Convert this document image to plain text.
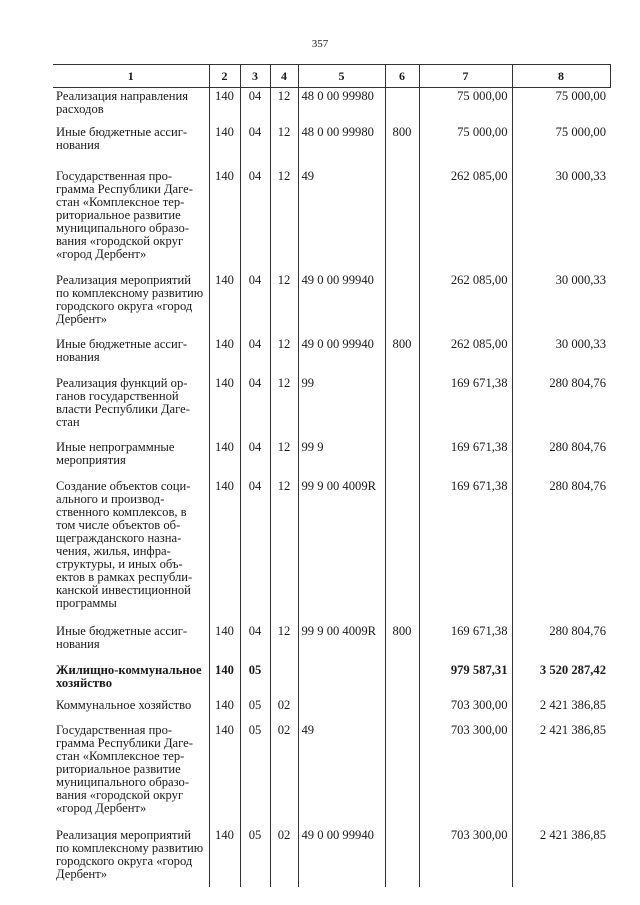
357
1	2	3	4	5	6	7	8
Реализация направления расходов	140	04	12	48 0 00 99980		75 000,00	75 000,00
Иные бюджетные ассигнования	140	04	12	48 0 00 99980	800	75 000,00	75 000,00
Государственная программа Республики Дагестан «Комплексное территориальное развитие муниципального образования «городской округ «город Дербент»	140	04	12	49		262 085,00	30 000,33
Реализация мероприятий по комплексному развитию городского округа «город Дербент»	140	04	12	49 0 00 99940		262 085,00	30 000,33
Иные бюджетные ассигнования	140	04	12	49 0 00 99940	800	262 085,00	30 000,33
Реализация функций органов государственной власти Республики Дагестан	140	04	12	99		169 671,38	280 804,76
Иные непрограммные мероприятия	140	04	12	99 9		169 671,38	280 804,76
Создание объектов социального и производственного комплексов, в том числе объектов общегражданского назначения, жилья, инфраструктуры, и иных объектов в рамках республиканской инвестиционной программы	140	04	12	99 9 00 4009R		169 671,38	280 804,76
Иные бюджетные ассигнования	140	04	12	99 9 00 4009R	800	169 671,38	280 804,76
Жилищно-коммунальное хозяйство	140	05				979 587,31	3 520 287,42
Коммунальное хозяйство	140	05	02			703 300,00	2 421 386,85
Государственная программа Республики Дагестан «Комплексное территориальное развитие муниципального образования «городской округ «город Дербент»	140	05	02	49		703 300,00	2 421 386,85
Реализация мероприятий по комплексному развитию городского округа «город Дербент»	140	05	02	49 0 00 99940		703 300,00	2 421 386,85
